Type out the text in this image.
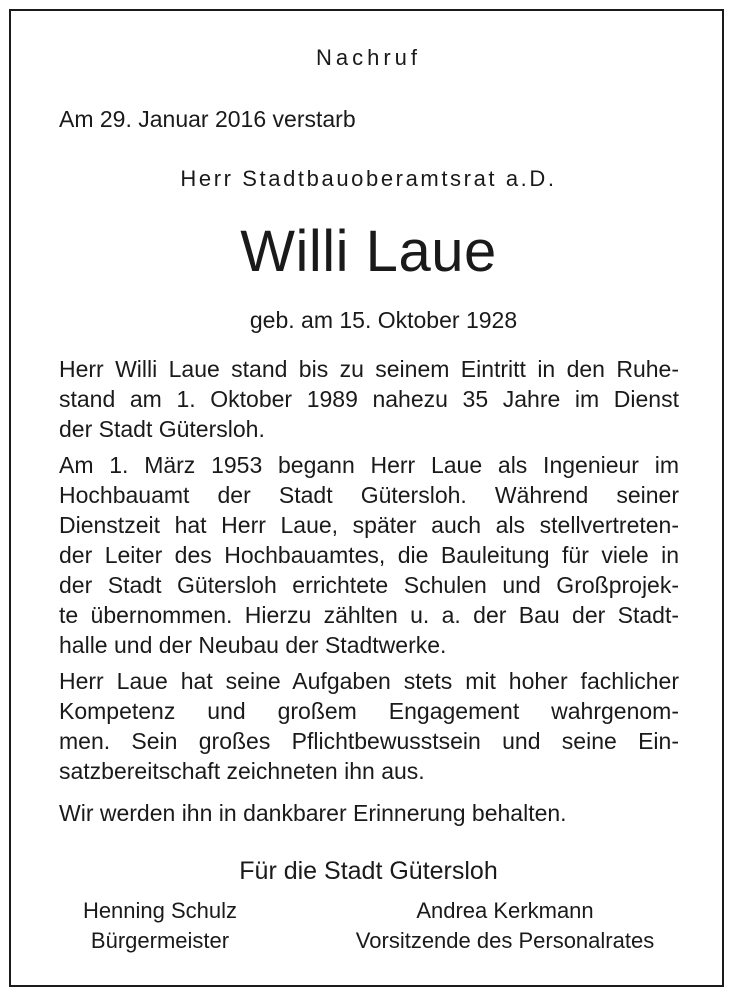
Nachruf
Am 29. Januar 2016 verstarb
Herr Stadtbauoberamtsrat a.D.
Willi Laue
geb. am 15. Oktober 1928
Herr Willi Laue stand bis zu seinem Eintritt in den Ruhe-
stand am 1. Oktober 1989 nahezu 35 Jahre im Dienst
der Stadt Gütersloh.
Am 1. März 1953 begann Herr Laue als Ingenieur im
Hochbauamt der Stadt Gütersloh. Während seiner
Dienstzeit hat Herr Laue, später auch als stellvertreten-
der Leiter des Hochbauamtes, die Bauleitung für viele in
der Stadt Gütersloh errichtete Schulen und Großprojek-
te übernommen. Hierzu zählten u. a. der Bau der Stadt-
halle und der Neubau der Stadtwerke.
Herr Laue hat seine Aufgaben stets mit hoher fachlicher
Kompetenz und großem Engagement wahrgenom-
men. Sein großes Pflichtbewusstsein und seine Ein-
satzbereitschaft zeichneten ihn aus.
Wir werden ihn in dankbarer Erinnerung behalten.
Für die Stadt Gütersloh
Henning Schulz
Bürgermeister
Andrea Kerkmann
Vorsitzende des Personalrates
